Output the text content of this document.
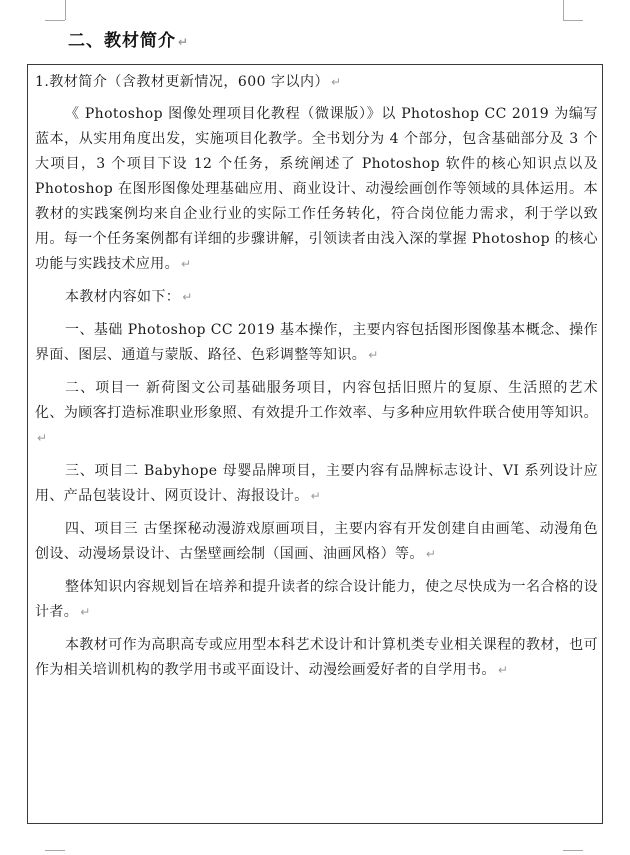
二、教材简介 ↵

1.教材简介（含教材更新情况，600 字以内） ↵

《 Photoshop 图像处理项目化教程（微课版）》以 Photoshop CC 2019 为编写蓝本，从实用角度出发，实施项目化教学。全书划分为 4 个部分，包含基础部分及 3 个大项目，3 个项目下设 12 个任务，系统阐述了 Photoshop 软件的核心知识点以及 Photoshop 在图形图像处理基础应用、商业设计、动漫绘画创作等领域的具体运用。本教材的实践案例均来自企业行业的实际工作任务转化，符合岗位能力需求，利于学以致用。每一个任务案例都有详细的步骤讲解，引领读者由浅入深的掌握 Photoshop 的核心功能与实践技术应用。 ↵

本教材内容如下： ↵

一、基础 Photoshop CC 2019 基本操作，主要内容包括图形图像基本概念、操作界面、图层、通道与蒙版、路径、色彩调整等知识。 ↵

二、项目一 新荷图文公司基础服务项目，内容包括旧照片的复原、生活照的艺术化、为顾客打造标准职业形象照、有效提升工作效率、与多种应用软件联合使用等知识。↵

三、项目二 Babyhope 母婴品牌项目，主要内容有品牌标志设计、VI 系列设计应用、产品包装设计、网页设计、海报设计。 ↵

四、项目三 古堡探秘动漫游戏原画项目，主要内容有开发创建自由画笔、动漫角色创设、动漫场景设计、古堡壁画绘制（国画、油画风格）等。 ↵

整体知识内容规划旨在培养和提升读者的综合设计能力，使之尽快成为一名合格的设计者。 ↵

本教材可作为高职高专或应用型本科艺术设计和计算机类专业相关课程的教材，也可作为相关培训机构的教学用书或平面设计、动漫绘画爱好者的自学用书。 ↵
